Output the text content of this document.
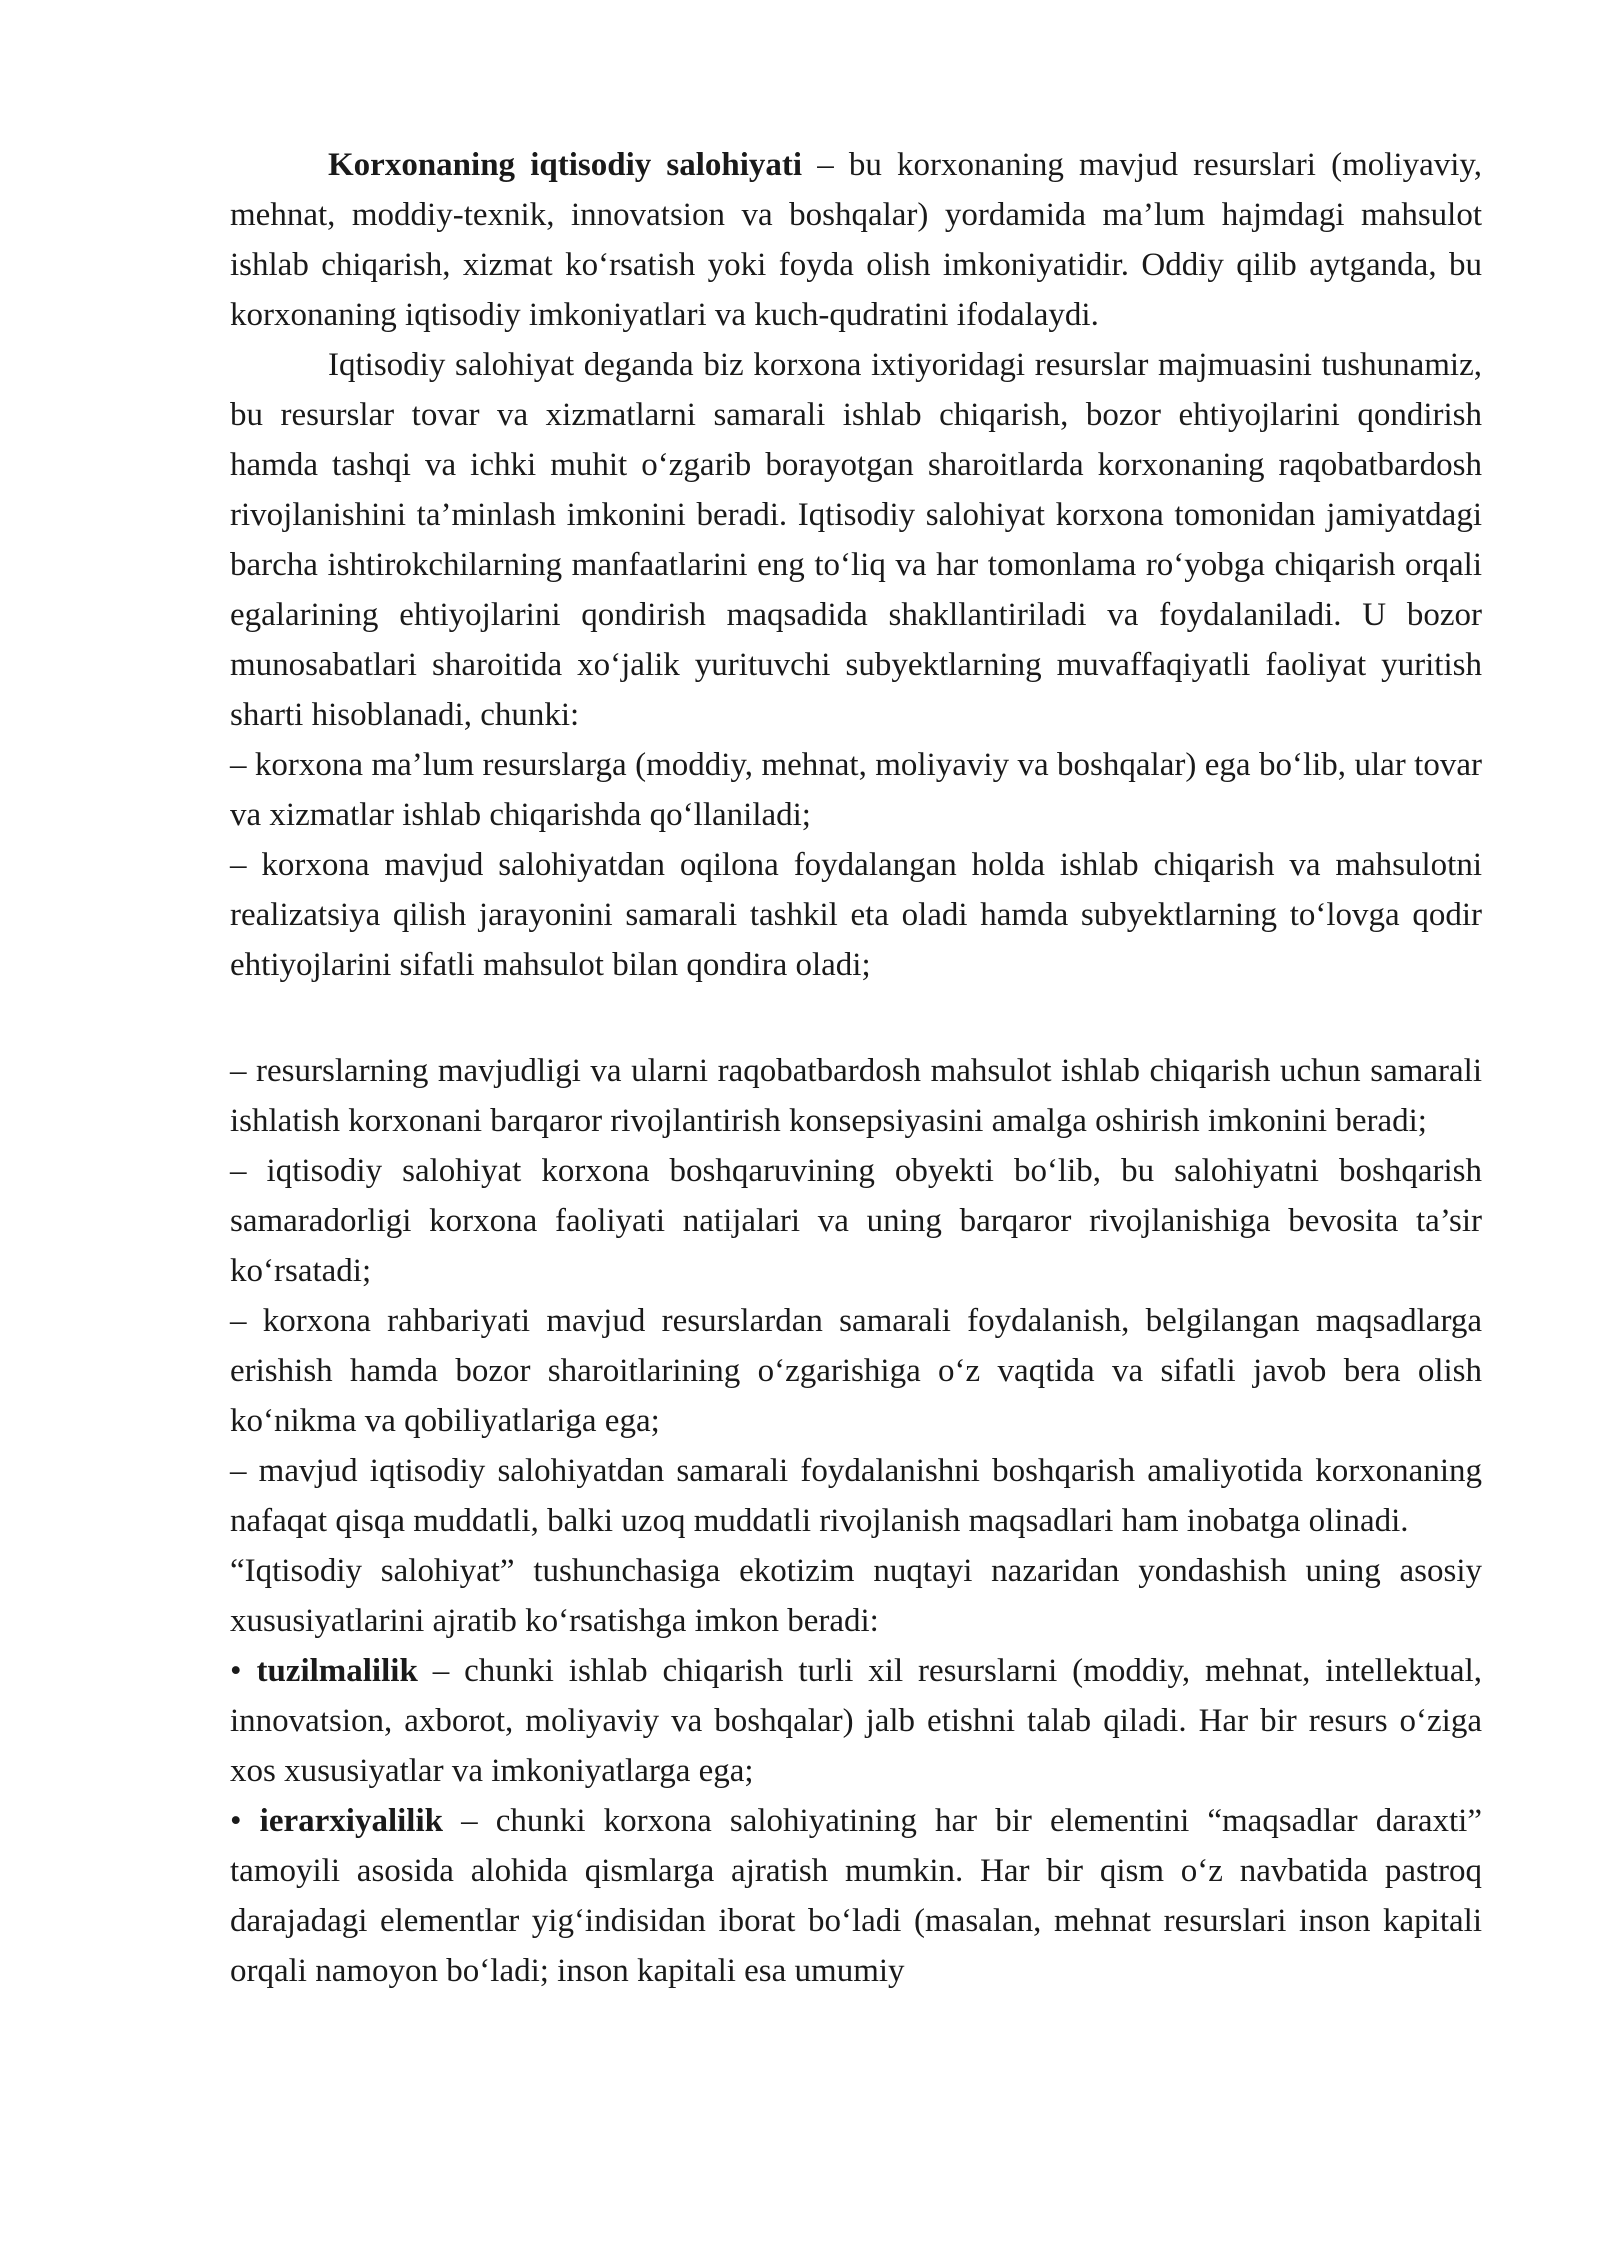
Korxonaning iqtisodiy salohiyati – bu korxonaning mavjud resurslari (moliyaviy, mehnat, moddiy-texnik, innovatsion va boshqalar) yordamida ma’lum hajmdagi mahsulot ishlab chiqarish, xizmat ko‘rsatish yoki foyda olish imkoniyatidir. Oddiy qilib aytganda, bu korxonaning iqtisodiy imkoniyatlari va kuch-qudratini ifodalaydi.

Iqtisodiy salohiyat deganda biz korxona ixtiyoridagi resurslar majmuasini tushunamiz, bu resurslar tovar va xizmatlarni samarali ishlab chiqarish, bozor ehtiyojlarini qondirish hamda tashqi va ichki muhit o‘zgarib borayotgan sharoitlarda korxonaning raqobatbardosh rivojlanishini ta’minlash imkonini beradi. Iqtisodiy salohiyat korxona tomonidan jamiyatdagi barcha ishtirokchilarning manfaatlarini eng to‘liq va har tomonlama ro‘yobga chiqarish orqali egalarining ehtiyojlarini qondirish maqsadida shakllantiriladi va foydalaniladi. U bozor munosabatlari sharoitida xo‘jalik yurituvchi subyektlarning muvaffaqiyatli faoliyat yuritish sharti hisoblanadi, chunki:

– korxona ma’lum resurslarga (moddiy, mehnat, moliyaviy va boshqalar) ega bo‘lib, ular tovar va xizmatlar ishlab chiqarishda qo‘llaniladi;

– korxona mavjud salohiyatdan oqilona foydalangan holda ishlab chiqarish va mahsulotni realizatsiya qilish jarayonini samarali tashkil eta oladi hamda subyektlarning to‘lovga qodir ehtiyojlarini sifatli mahsulot bilan qondira oladi;

– resurslarning mavjudligi va ularni raqobatbardosh mahsulot ishlab chiqarish uchun samarali ishlatish korxonani barqaror rivojlantirish konsepsiyasini amalga oshirish imkonini beradi;

– iqtisodiy salohiyat korxona boshqaruvining obyekti bo‘lib, bu salohiyatni boshqarish samaradorligi korxona faoliyati natijalari va uning barqaror rivojlanishiga bevosita ta’sir ko‘rsatadi;

– korxona rahbariyati mavjud resurslardan samarali foydalanish, belgilangan maqsadlarga erishish hamda bozor sharoitlarining o‘zgarishiga o‘z vaqtida va sifatli javob bera olish ko‘nikma va qobiliyatlariga ega;

– mavjud iqtisodiy salohiyatdan samarali foydalanishni boshqarish amaliyotida korxonaning nafaqat qisqa muddatli, balki uzoq muddatli rivojlanish maqsadlari ham inobatga olinadi.

“Iqtisodiy salohiyat” tushunchasiga ekotizim nuqtayi nazaridan yondashish uning asosiy xususiyatlarini ajratib ko‘rsatishga imkon beradi:

• tuzilmalilik – chunki ishlab chiqarish turli xil resurslarni (moddiy, mehnat, intellektual, innovatsion, axborot, moliyaviy va boshqalar) jalb etishni talab qiladi. Har bir resurs o‘ziga xos xususiyatlar va imkoniyatlarga ega;

• ierarxiyalilik – chunki korxona salohiyatining har bir elementini “maqsadlar daraxti” tamoyili asosida alohida qismlarga ajratish mumkin. Har bir qism o‘z navbatida pastroq darajadagi elementlar yig‘indisidan iborat bo‘ladi (masalan, mehnat resurslari inson kapitali orqali namoyon bo‘ladi; inson kapitali esa umumiy
